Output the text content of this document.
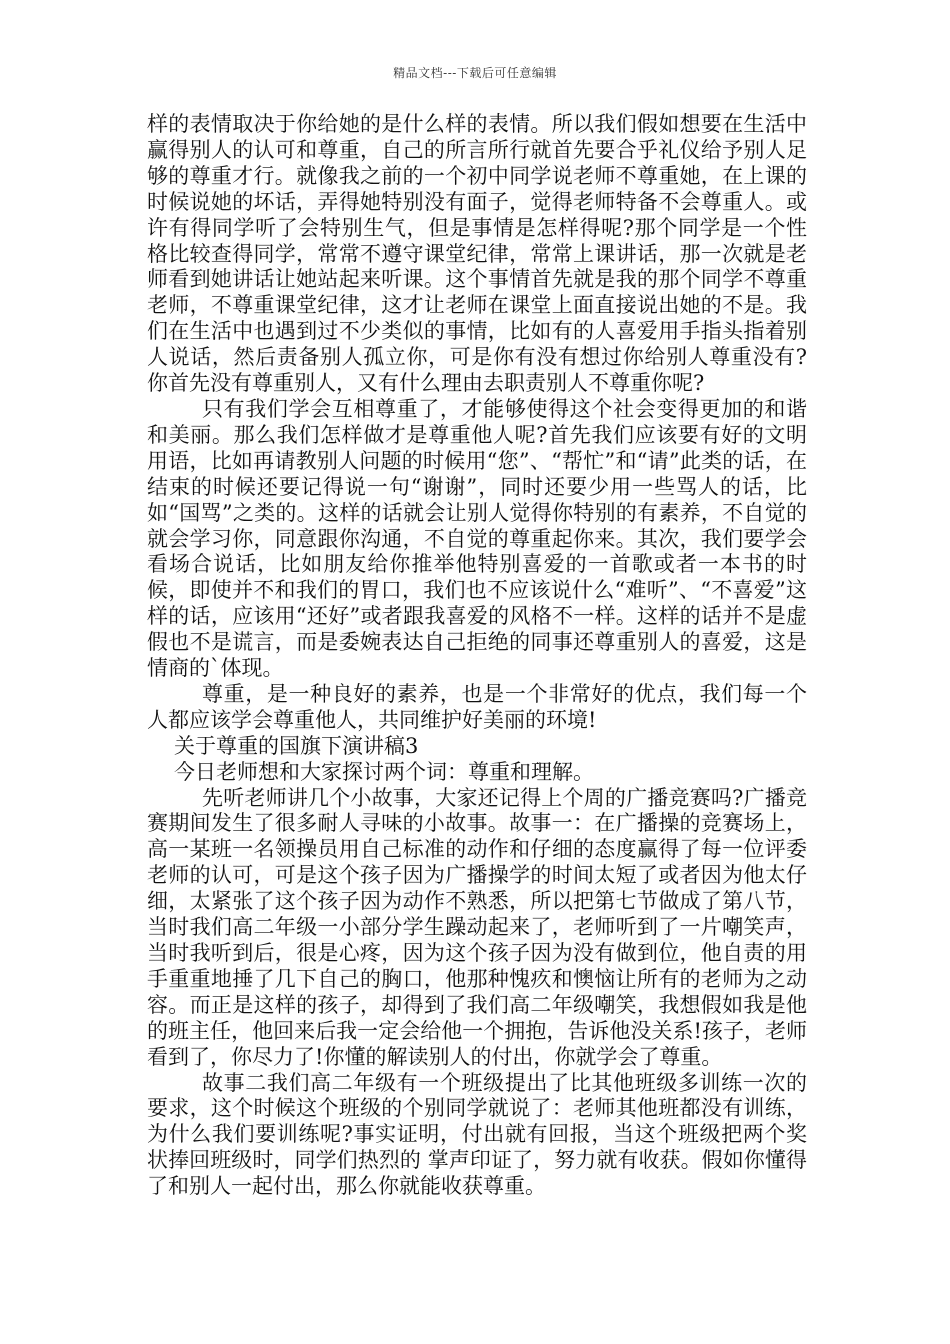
精品文档---下载后可任意编辑

样的表情取决于你给她的是什么样的表情。所以我们假如想要在生活中赢得别人的认可和尊重，自己的所言所行就首先要合乎礼仪给予别人足够的尊重才行。就像我之前的一个初中同学说老师不尊重她，在上课的时候说她的坏话，弄得她特别没有面子，觉得老师特备不会尊重人。或许有得同学听了会特别生气，但是事情是怎样得呢?那个同学是一个性格比较查得同学，常常不遵守课堂纪律，常常上课讲话，那一次就是老师看到她讲话让她站起来听课。这个事情首先就是我的那个同学不尊重老师，不尊重课堂纪律，这才让老师在课堂上面直接说出她的不是。我们在生活中也遇到过不少类似的事情，比如有的人喜爱用手指头指着别人说话，然后责备别人孤立你，可是你有没有想过你给别人尊重没有?你首先没有尊重别人，又有什么理由去职责别人不尊重你呢?

只有我们学会互相尊重了，才能够使得这个社会变得更加的和谐和美丽。那么我们怎样做才是尊重他人呢?首先我们应该要有好的文明用语，比如再请教别人问题的时候用“您”、“帮忙”和“请”此类的话，在结束的时候还要记得说一句“谢谢”，同时还要少用一些骂人的话，比如“国骂”之类的。这样的话就会让别人觉得你特别的有素养，不自觉的就会学习你，同意跟你沟通，不自觉的尊重起你来。其次，我们要学会看场合说话，比如朋友给你推举他特别喜爱的一首歌或者一本书的时候，即使并不和我们的胃口，我们也不应该说什么“难听”、“不喜爱”这样的话，应该用“还好”或者跟我喜爱的风格不一样。这样的话并不是虚假也不是谎言，而是委婉表达自己拒绝的同事还尊重别人的喜爱，这是情商的`体现。

尊重，是一种良好的素养，也是一个非常好的优点，我们每一个人都应该学会尊重他人，共同维护好美丽的环境!

关于尊重的国旗下演讲稿3

今日老师想和大家探讨两个词：尊重和理解。

先听老师讲几个小故事，大家还记得上个周的广播竞赛吗?广播竞赛期间发生了很多耐人寻味的小故事。故事一：在广播操的竞赛场上，高一某班一名领操员用自己标准的动作和仔细的态度赢得了每一位评委老师的认可，可是这个孩子因为广播操学的时间太短了或者因为他太仔细，太紧张了这个孩子因为动作不熟悉，所以把第七节做成了第八节，当时我们高二年级一小部分学生躁动起来了，老师听到了一片嘲笑声，当时我听到后，很是心疼，因为这个孩子因为没有做到位，他自责的用手重重地捶了几下自己的胸口，他那种愧疚和懊恼让所有的老师为之动容。而正是这样的孩子，却得到了我们高二年级嘲笑，我想假如我是他的班主任，他回来后我一定会给他一个拥抱，告诉他没关系!孩子，老师看到了，你尽力了!你懂的解读别人的付出，你就学会了尊重。

故事二我们高二年级有一个班级提出了比其他班级多训练一次的要求，这个时候这个班级的个别同学就说了：老师其他班都没有训练，为什么我们要训练呢?事实证明，付出就有回报，当这个班级把两个奖状捧回班级时，同学们热烈的 掌声印证了，努力就有收获。假如你懂得了和别人一起付出，那么你就能收获尊重。
